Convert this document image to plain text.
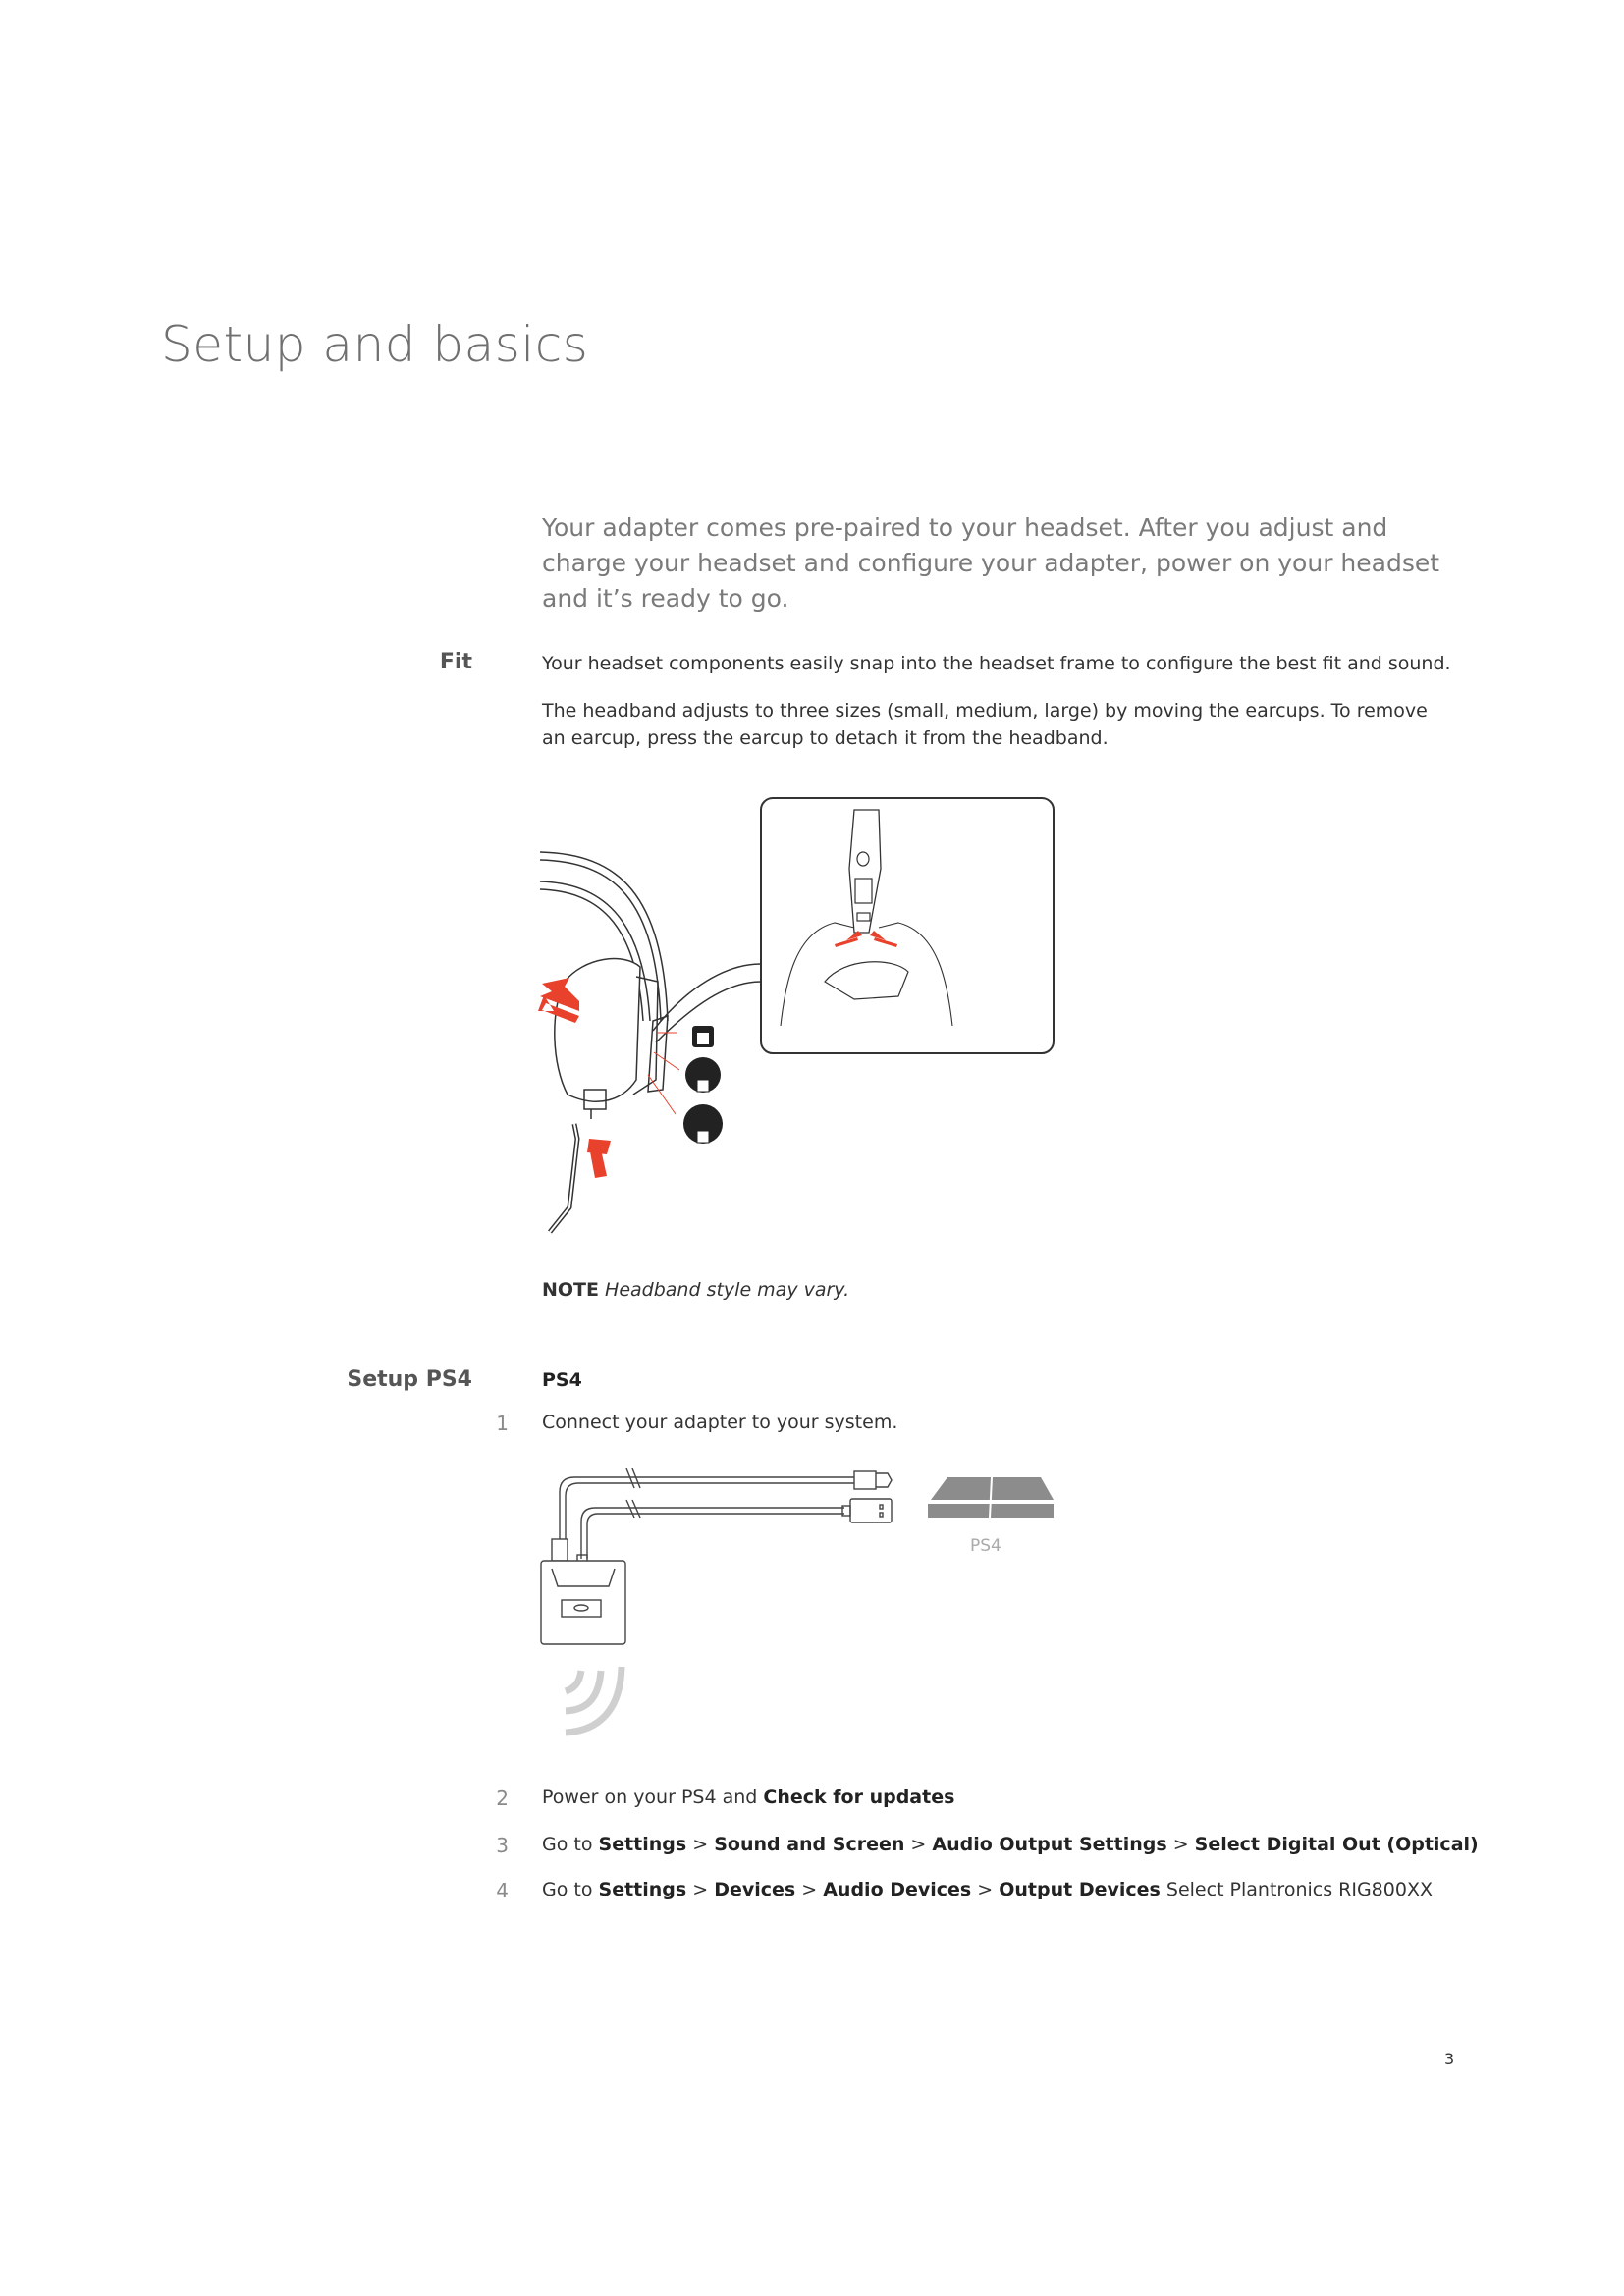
Setup and basics
Your adapter comes pre-paired to your headset. After you adjust and charge your headset and configure your adapter, power on your headset and it’s ready to go.
Fit	Your headset components easily snap into the headset frame to configure the best fit and sound.
The headband adjusts to three sizes (small, medium, large) by moving the earcups. To remove an earcup, press the earcup to detach it from the headband.
NOTE Headband style may vary.
Setup PS4	PS4
1 Connect your adapter to your system.
PS4
2 Power on your PS4 and Check for updates
3 Go to Settings > Sound and Screen > Audio Output Settings > Select Digital Out (Optical)
4 Go to Settings > Devices > Audio Devices > Output Devices Select Plantronics RIG800XX
3
